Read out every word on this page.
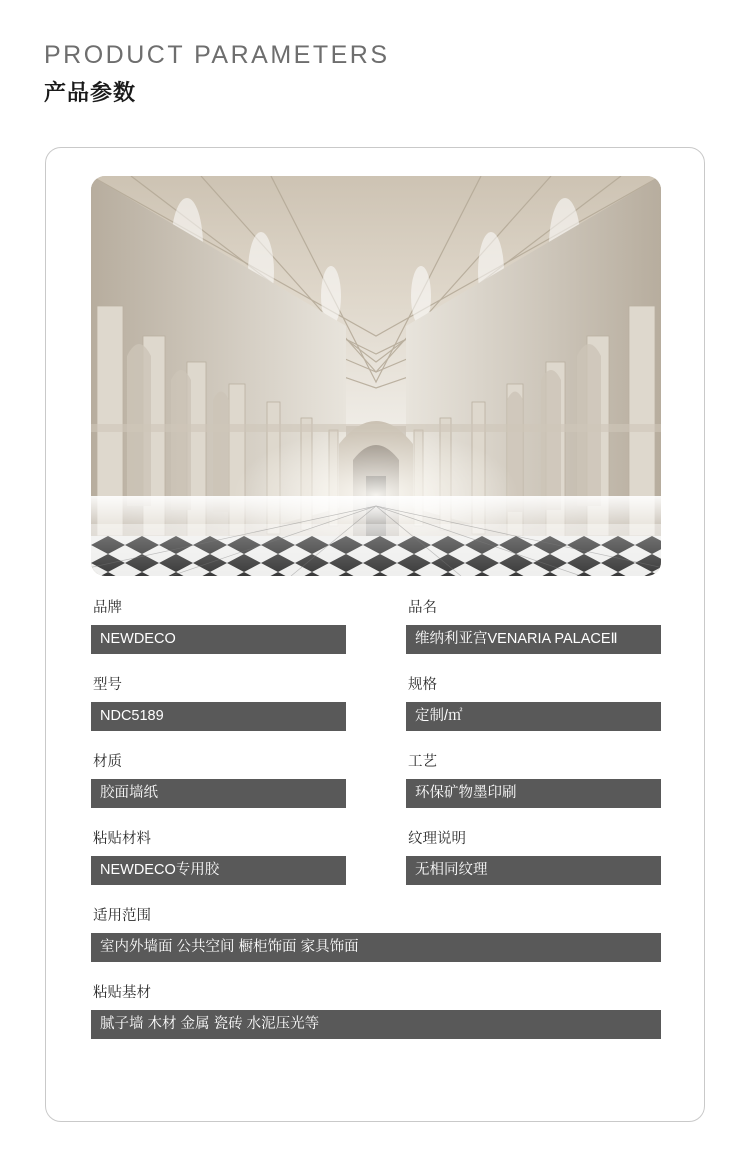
PRODUCT PARAMETERS
产品参数
品牌
NEWDECO
品名
维纳利亚宫VENARIA PALACEⅡ
型号
NDC5189
规格
定制/㎡
材质
胶面墙纸
工艺
环保矿物墨印刷
粘贴材料
NEWDECO专用胶
纹理说明
无相同纹理
适用范围
室内外墙面 公共空间 橱柜饰面 家具饰面
粘贴基材
腻子墙 木材 金属 瓷砖 水泥压光等
